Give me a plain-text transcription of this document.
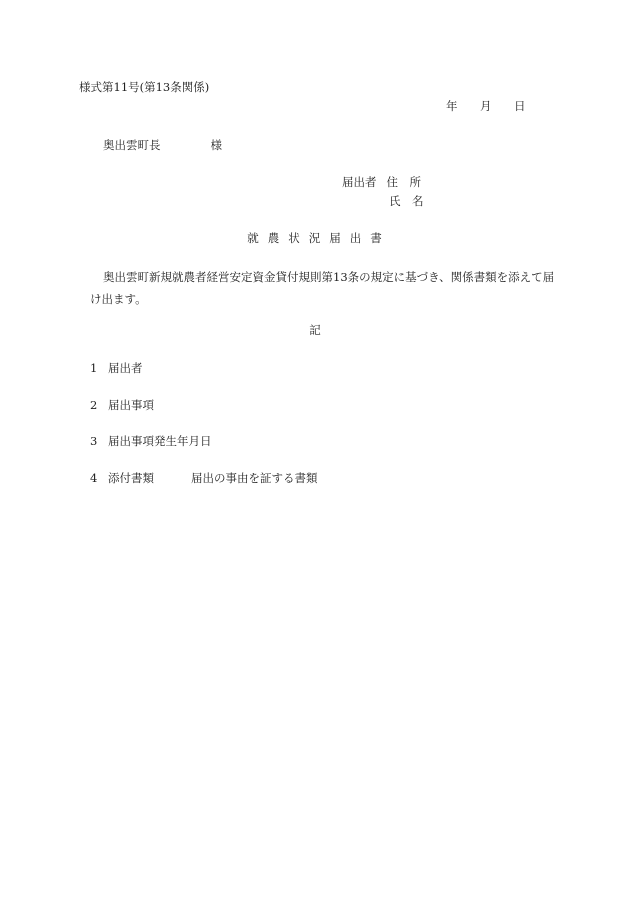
様式第11号(第13条関係)
年 月 日
奥出雲町長	様
届出者 住　所
氏　名
就農状況届出書
奥出雲町新規就農者経営安定資金貸付規則第13条の規定に基づき、関係書類を添えて届け出ます。
記
1 届出者
2 届出事項
3 届出事項発生年月日
4 添付書類	届出の事由を証する書類
